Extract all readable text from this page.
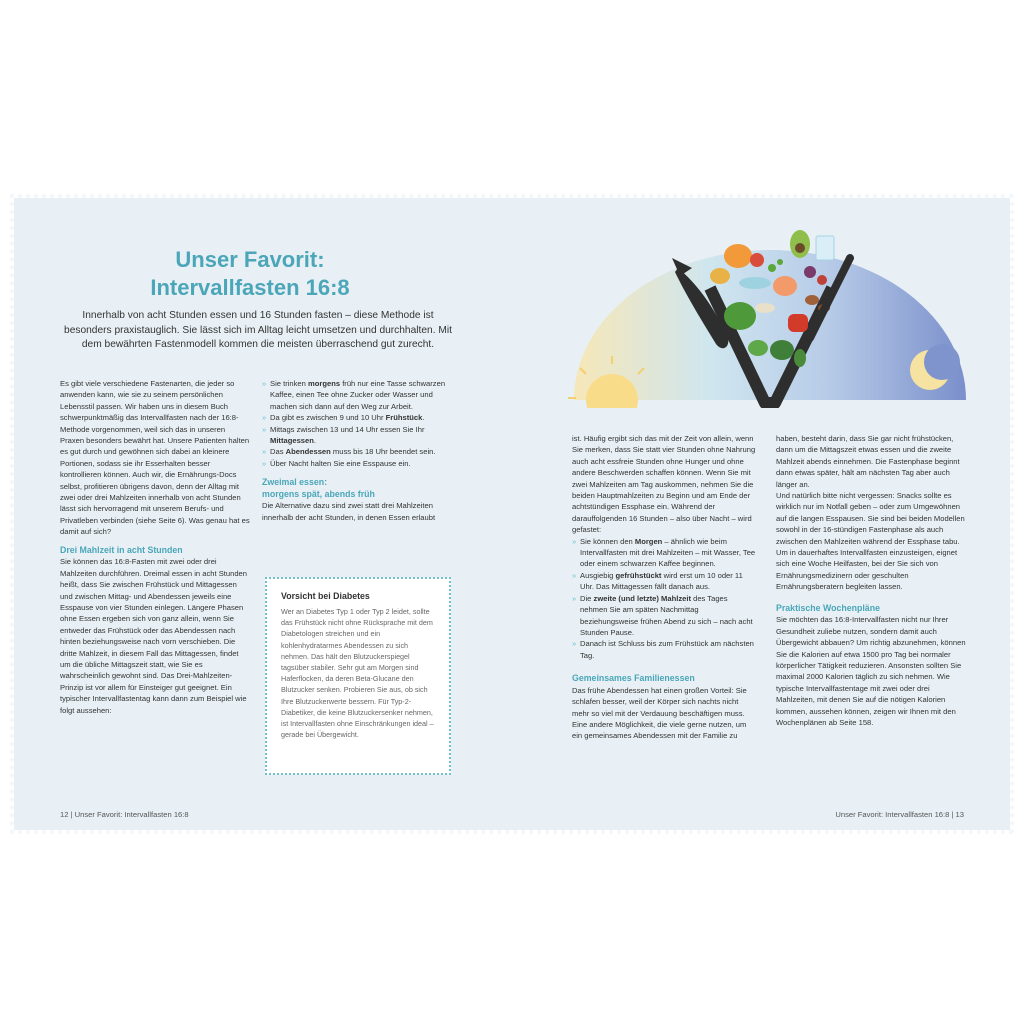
Unser Favorit:
Intervallfasten 16:8
Innerhalb von acht Stunden essen und 16 Stunden fasten – diese Methode ist besonders praxistauglich. Sie lässt sich im Alltag leicht umsetzen und durchhalten. Mit dem bewährten Fastenmodell kommen die meisten überraschend gut zurecht.

Es gibt viele verschiedene Fastenarten, die jeder so anwenden kann, wie sie zu seinem persönlichen Lebensstil passen. Wir haben uns in diesem Buch schwerpunktmäßig das Intervallfasten nach der 16:8-Methode vorgenommen, weil sich das in unseren Praxen besonders bewährt hat. Unsere Patienten halten es gut durch und gewöhnen sich dabei an kleinere Portionen, sodass sie ihr Esserhalten besser kontrollieren können. Auch wir, die Ernährungs-Docs selbst, profitieren übrigens davon, denn der Alltag mit zwei oder drei Mahlzeiten innerhalb von acht Stunden lässt sich hervorragend mit unserem Berufs- und Privatleben verbinden (siehe Seite 6). Was genau hat es damit auf sich?

Drei Mahlzeit in acht Stunden

Sie können das 16:8-Fasten mit zwei oder drei Mahlzeiten durchführen. Dreimal essen in acht Stunden heißt, dass Sie zwischen Frühstück und Mittagessen und zwischen Mittag- und Abendessen jeweils eine Esspause von vier Stunden einlegen. Längere Phasen ohne Essen ergeben sich von ganz allein, wenn Sie entweder das Frühstück oder das Abendessen nach hinten beziehungsweise nach vorn verschieben. Die dritte Mahlzeit, in diesem Fall das Mittagessen, findet um die übliche Mittagszeit statt, wie Sie es wahrscheinlich gewohnt sind. Das Drei-Mahlzeiten-Prinzip ist vor allem für Einsteiger gut geeignet. Ein typischer Intervallfastentag kann dann zum Beispiel wie folgt aussehen:

» Sie trinken morgens früh nur eine Tasse schwarzen Kaffee, einen Tee ohne Zucker oder Wasser und machen sich dann auf den Weg zur Arbeit.
» Da gibt es zwischen 9 und 10 Uhr Frühstück.
» Mittags zwischen 13 und 14 Uhr essen Sie Ihr Mittagessen.
» Das Abendessen muss bis 18 Uhr beendet sein.
» Über Nacht halten Sie eine Esspause ein.

Zweimal essen:
morgens spät, abends früh

Die Alternative dazu sind zwei statt drei Mahlzeiten innerhalb der acht Stunden, in denen Essen erlaubt

Vorsicht bei Diabetes

Wer an Diabetes Typ 1 oder Typ 2 leidet, sollte das Frühstück nicht ohne Rücksprache mit dem Diabetologen streichen und ein kohlenhydratarmes Abendessen zu sich nehmen. Das hält den Blutzuckerspiegel tagsüber stabiler. Sehr gut am Morgen sind Haferflocken, da deren Beta-Glucane den Blutzucker senken. Probieren Sie aus, ob sich Ihre Blutzuckerwerte bessern. Für Typ-2-Diabetiker, die keine Blutzuckersenker nehmen, ist Intervallfasten ohne Einschränkungen ideal – gerade bei Übergewicht.

12 | Unser Favorit: Intervallfasten 16:8

ist. Häufig ergibt sich das mit der Zeit von allein, wenn Sie merken, dass Sie statt vier Stunden ohne Nahrung auch acht essfreie Stunden ohne Hunger und ohne andere Beschwerden schaffen können. Wenn Sie mit zwei Mahlzeiten am Tag auskommen, nehmen Sie die beiden Hauptmahlzeiten zu Beginn und am Ende der achtstündigen Essphase ein. Während der darauffolgenden 16 Stunden – also über Nacht – wird gefastet:

» Sie können den Morgen – ähnlich wie beim Intervallfasten mit drei Mahlzeiten – mit Wasser, Tee oder einem schwarzen Kaffee beginnen.
» Ausgiebig gefrühstückt wird erst um 10 oder 11 Uhr. Das Mittagessen fällt danach aus.
» Die zweite (und letzte) Mahlzeit des Tages nehmen Sie am späten Nachmittag beziehungsweise frühen Abend zu sich – nach acht Stunden Pause.
» Danach ist Schluss bis zum Frühstück am nächsten Tag.

Gemeinsames Familienessen

Das frühe Abendessen hat einen großen Vorteil: Sie schlafen besser, weil der Körper sich nachts nicht mehr so viel mit der Verdauung beschäftigen muss. Eine andere Möglichkeit, die viele gerne nutzen, um ein gemeinsames Abendessen mit der Familie zu

haben, besteht darin, dass Sie gar nicht frühstücken, dann um die Mittagszeit etwas essen und die zweite Mahlzeit abends einnehmen. Die Fastenphase beginnt dann etwas später, hält am nächsten Tag aber auch länger an.

Und natürlich bitte nicht vergessen: Snacks sollte es wirklich nur im Notfall geben – oder zum Umgewöhnen auf die langen Esspausen. Sie sind bei beiden Modellen sowohl in der 16-stündigen Fastenphase als auch zwischen den Mahlzeiten während der Essphase tabu. Um in dauerhaftes Intervallfasten einzusteigen, eignet sich eine Woche Heilfasten, bei der Sie sich von Ernährungsmedizinern oder geschulten Ernährungsberatern begleiten lassen.

Praktische Wochenpläne

Sie möchten das 16:8-Intervallfasten nicht nur Ihrer Gesundheit zuliebe nutzen, sondern damit auch Übergewicht abbauen? Um richtig abzunehmen, können Sie die Kalorien auf etwa 1500 pro Tag bei normaler körperlicher Tätigkeit reduzieren. Ansonsten sollten Sie maximal 2000 Kalorien täglich zu sich nehmen. Wie typische Intervallfastentage mit zwei oder drei Mahlzeiten, mit denen Sie auf die nötigen Kalorien kommen, aussehen können, zeigen wir Ihnen mit den Wochenplänen ab Seite 158.

Unser Favorit: Intervallfasten 16:8 | 13
